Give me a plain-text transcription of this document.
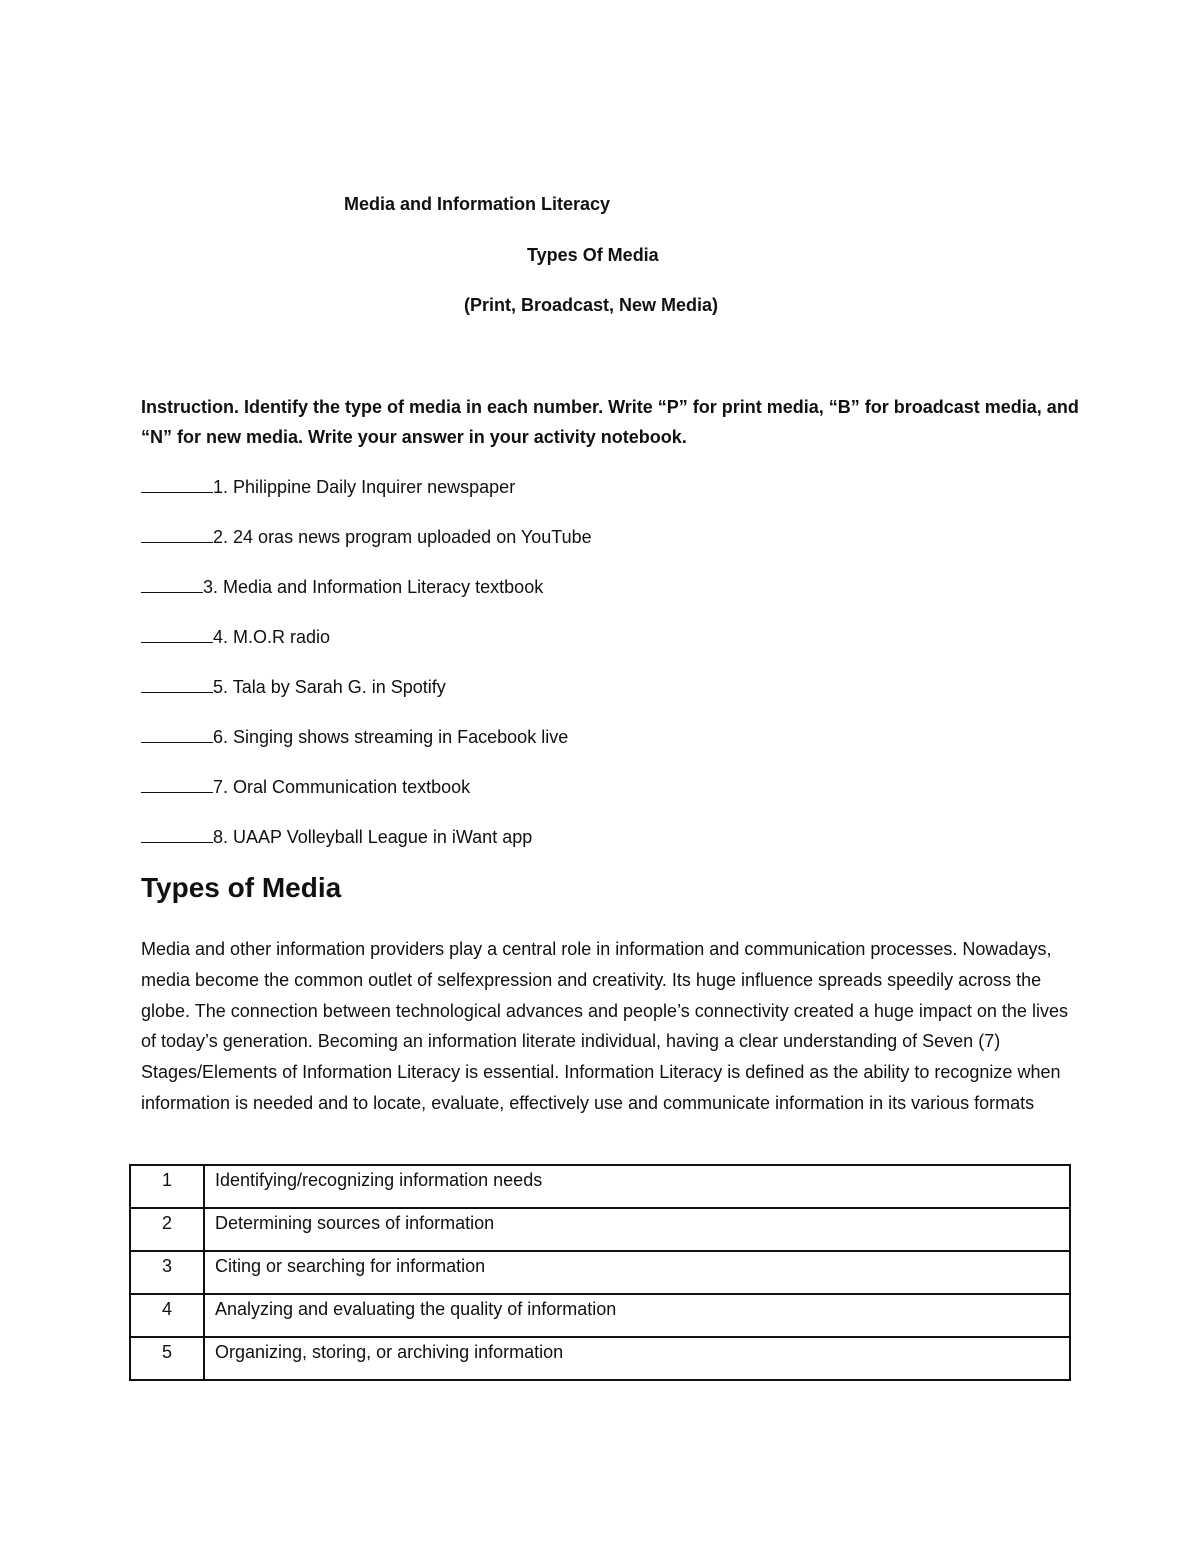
Media and Information Literacy
Types Of Media
(Print, Broadcast, New Media)
Instruction. Identify the type of media in each number. Write “P” for print media, “B” for broadcast media, and “N” for new media. Write your answer in your activity notebook.
1. Philippine Daily Inquirer newspaper
2. 24 oras news program uploaded on YouTube
3. Media and Information Literacy textbook
4. M.O.R radio
5. Tala by Sarah G. in Spotify
6. Singing shows streaming in Facebook live
7. Oral Communication textbook
8. UAAP Volleyball League in iWant app
Types of Media
Media and other information providers play a central role in information and communication processes. Nowadays, media become the common outlet of selfexpression and creativity. Its huge influence spreads speedily across the globe. The connection between technological advances and people’s connectivity created a huge impact on the lives of today’s generation. Becoming an information literate individual, having a clear understanding of Seven (7) Stages/Elements of Information Literacy is essential. Information Literacy is defined as the ability to recognize when information is needed and to locate, evaluate, effectively use and communicate information in its various formats
1	Identifying/recognizing information needs
2	Determining sources of information
3	Citing or searching for information
4	Analyzing and evaluating the quality of information
5	Organizing, storing, or archiving information
